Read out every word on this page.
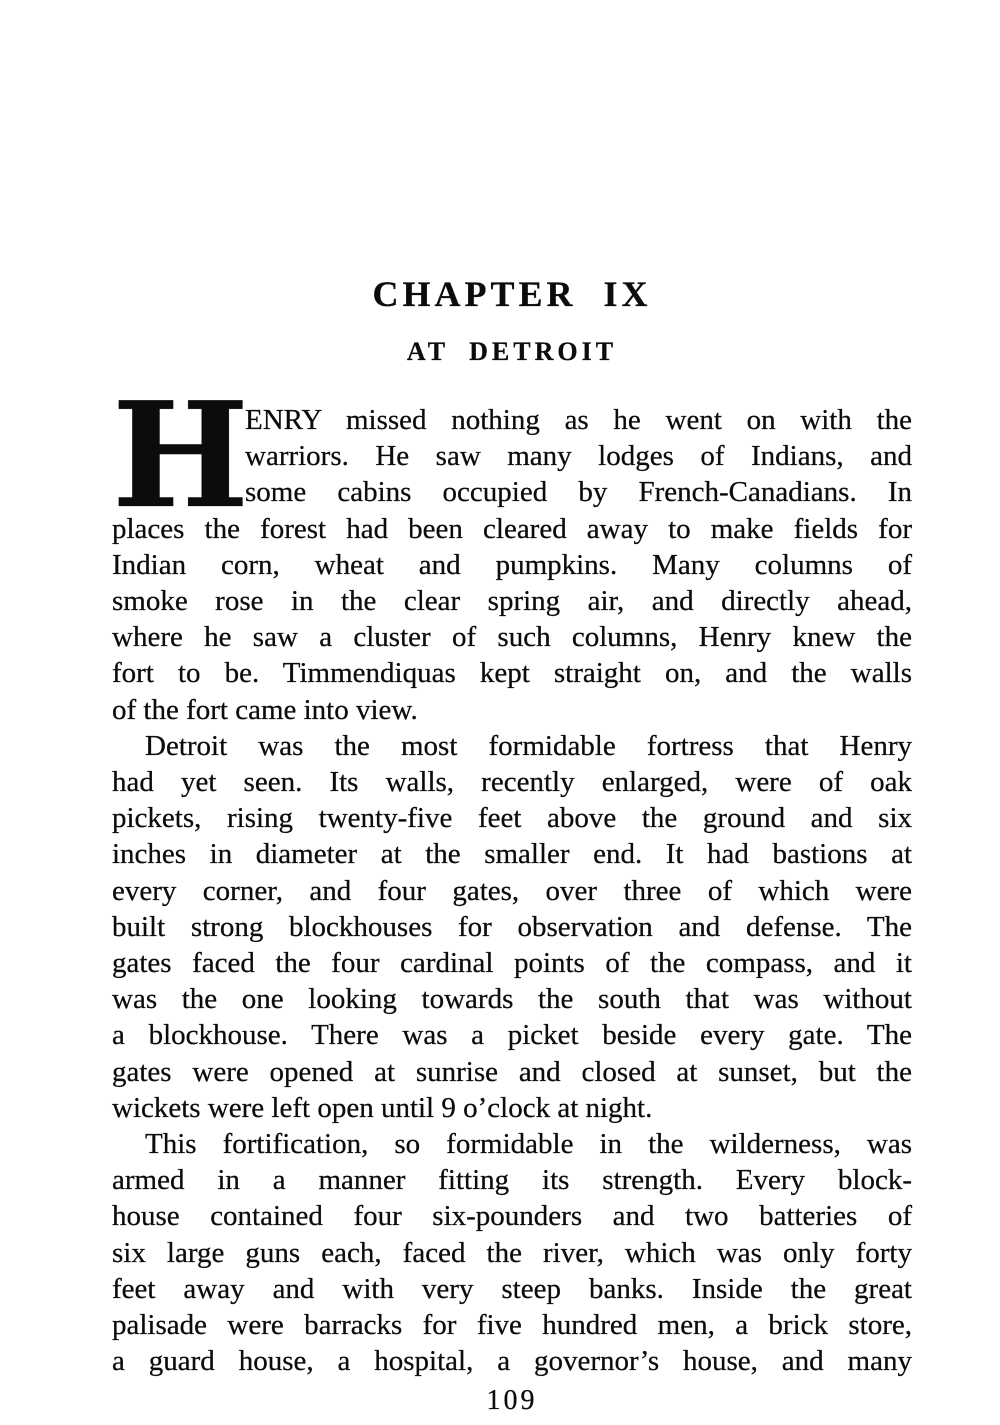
CHAPTER IX
AT DETROIT
H
ENRY missed nothing as he went on with the
warriors. He saw many lodges of Indians, and
some cabins occupied by French-Canadians. In
places the forest had been cleared away to make fields for
Indian corn, wheat and pumpkins. Many columns of
smoke rose in the clear spring air, and directly ahead,
where he saw a cluster of such columns, Henry knew the
fort to be. Timmendiquas kept straight on, and the walls
of the fort came into view.
Detroit was the most formidable fortress that Henry
had yet seen. Its walls, recently enlarged, were of oak
pickets, rising twenty-five feet above the ground and six
inches in diameter at the smaller end. It had bastions at
every corner, and four gates, over three of which were
built strong blockhouses for observation and defense. The
gates faced the four cardinal points of the compass, and it
was the one looking towards the south that was without
a blockhouse. There was a picket beside every gate. The
gates were opened at sunrise and closed at sunset, but the
wickets were left open until 9 o’clock at night.
This fortification, so formidable in the wilderness, was
armed in a manner fitting its strength. Every block-
house contained four six-pounders and two batteries of
six large guns each, faced the river, which was only forty
feet away and with very steep banks. Inside the great
palisade were barracks for five hundred men, a brick store,
a guard house, a hospital, a governor’s house, and many
109
